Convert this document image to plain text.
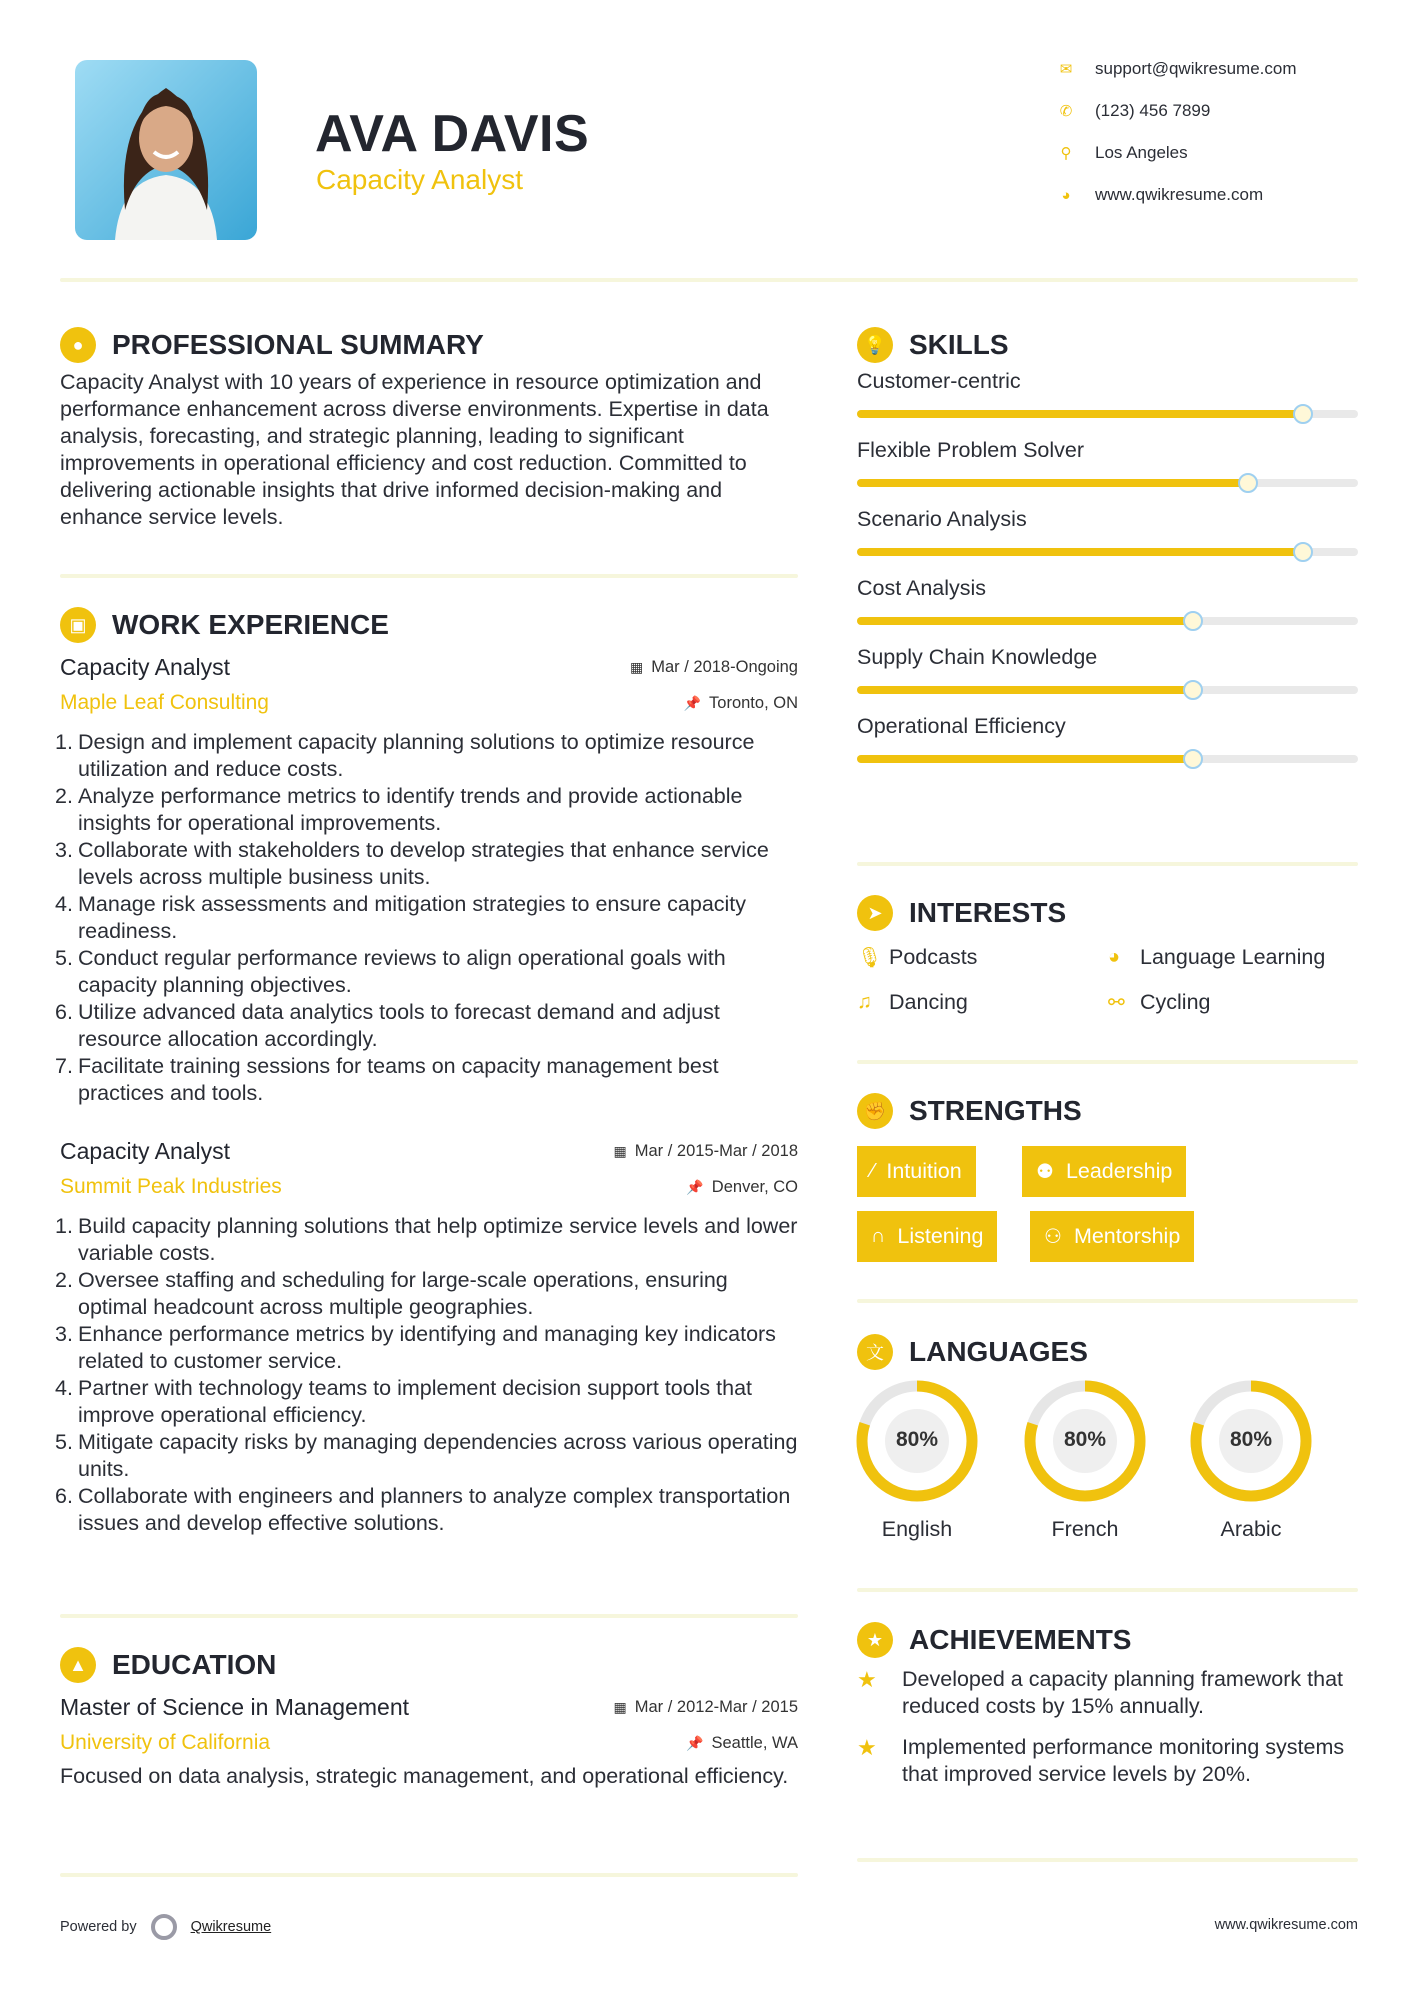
AVA DAVIS
Capacity Analyst
✉	support@qwikresume.com
✆	(123) 456 7899
⚲	Los Angeles
◕	www.qwikresume.com
●	PROFESSIONAL SUMMARY
Capacity Analyst with 10 years of experience in resource optimization and performance enhancement across diverse environments. Expertise in data analysis, forecasting, and strategic planning, leading to significant improvements in operational efficiency and cost reduction. Committed to delivering actionable insights that drive informed decision-making and enhance service levels.
▣ WORK EXPERIENCE
Capacity Analyst	▦ Mar / 2018-Ongoing
Maple Leaf Consulting	📌 Toronto, ON
1. Design and implement capacity planning solutions to optimize resource utilization and reduce costs.
2. Analyze performance metrics to identify trends and provide actionable insights for operational improvements.
3. Collaborate with stakeholders to develop strategies that enhance service levels across multiple business units.
4. Manage risk assessments and mitigation strategies to ensure capacity readiness.
5. Conduct regular performance reviews to align operational goals with capacity planning objectives.
6. Utilize advanced data analytics tools to forecast demand and adjust resource allocation accordingly.
7. Facilitate training sessions for teams on capacity management best practices and tools.
Capacity Analyst	▦ Mar / 2015-Mar / 2018
Summit Peak Industries	📌 Denver, CO
1. Build capacity planning solutions that help optimize service levels and lower variable costs.
2. Oversee staffing and scheduling for large-scale operations, ensuring optimal headcount across multiple geographies.
3. Enhance performance metrics by identifying and managing key indicators related to customer service.
4. Partner with technology teams to implement decision support tools that improve operational efficiency.
5. Mitigate capacity risks by managing dependencies across various operating units.
6. Collaborate with engineers and planners to analyze complex transportation issues and develop effective solutions.
▲ EDUCATION
Master of Science in Management	▦ Mar / 2012-Mar / 2015
University of California	📌 Seattle, WA
Focused on data analysis, strategic management, and operational efficiency.
💡 SKILLS
Customer-centric
Flexible Problem Solver
Scenario Analysis
Cost Analysis
Supply Chain Knowledge
Operational Efficiency
➤ INTERESTS
🎙 Podcasts	◕ Language Learning
♫ Dancing	⚯ Cycling
✊ STRENGTHS
⁄ Intuition	⚉ Leadership
∩ Listening	⚇ Mentorship
文 LANGUAGES
80%
English
80%
French
80%
Arabic
★ ACHIEVEMENTS
★	Developed a capacity planning framework that reduced costs by 15% annually.
★	Implemented performance monitoring systems that improved service levels by 20%.
Powered by	Qwikresume	www.qwikresume.com
